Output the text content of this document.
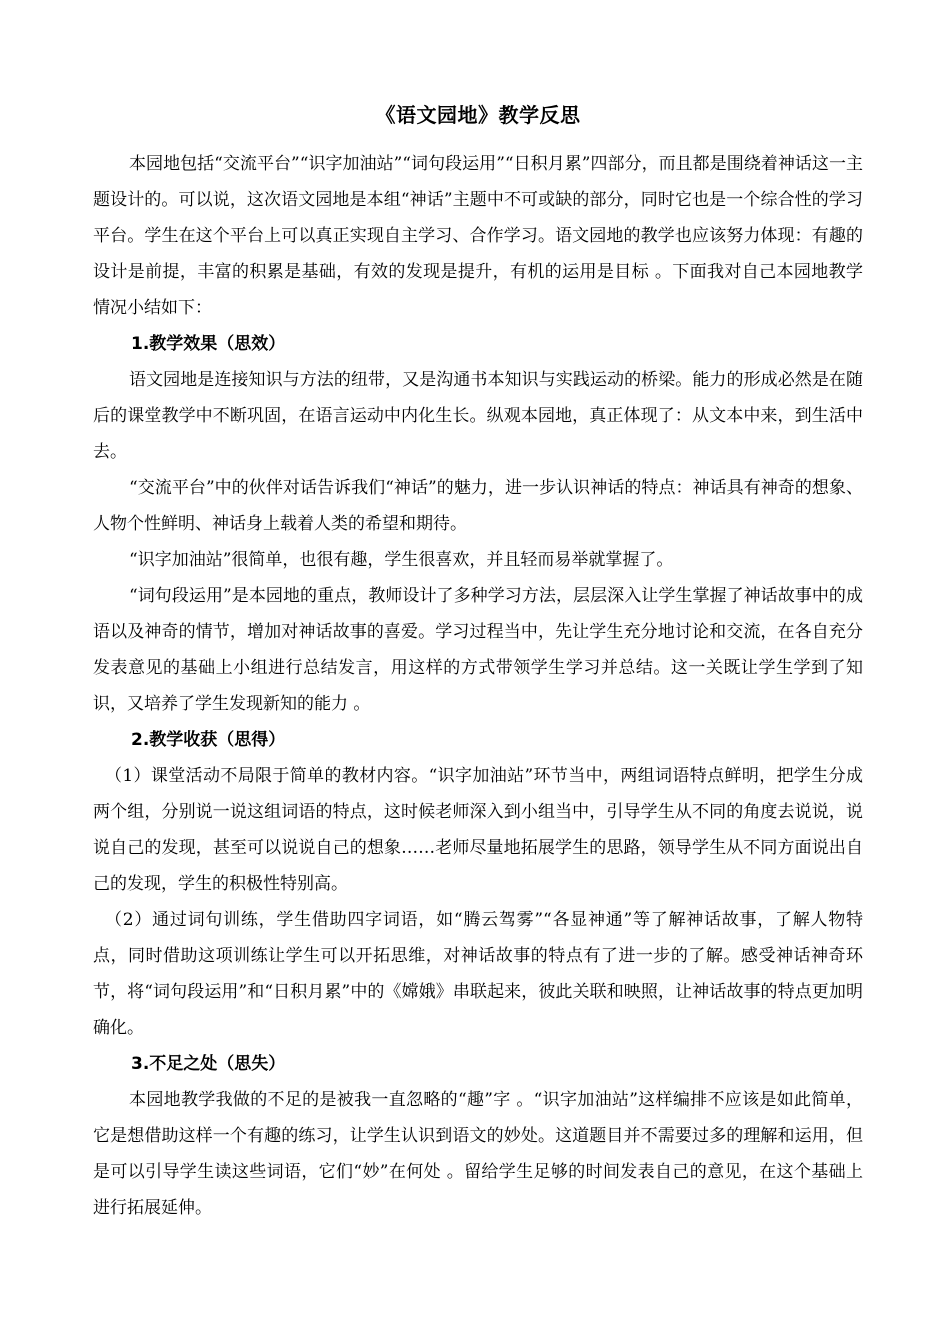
《语文园地》教学反思

本园地包括“交流平台”“识字加油站”“词句段运用”“日积月累”四部分，而且都是围绕着神话这一主题设计的。可以说，这次语文园地是本组“神话”主题中不可或缺的部分，同时它也是一个综合性的学习平台。学生在这个平台上可以真正实现自主学习、合作学习。语文园地的教学也应该努力体现：有趣的设计是前提，丰富的积累是基础，有效的发现是提升，有机的运用是目标 。下面我对自己本园地教学情况小结如下：

1.教学效果（思效）

语文园地是连接知识与方法的纽带，又是沟通书本知识与实践运动的桥梁。能力的形成必然是在随后的课堂教学中不断巩固，在语言运动中内化生长。纵观本园地，真正体现了：从文本中来，到生活中去。

“交流平台”中的伙伴对话告诉我们“神话”的魅力，进一步认识神话的特点：神话具有神奇的想象、人物个性鲜明、神话身上载着人类的希望和期待。

“识字加油站”很简单，也很有趣，学生很喜欢，并且轻而易举就掌握了。

“词句段运用”是本园地的重点，教师设计了多种学习方法，层层深入让学生掌握了神话故事中的成语以及神奇的情节，增加对神话故事的喜爱。学习过程当中，先让学生充分地讨论和交流，在各自充分发表意见的基础上小组进行总结发言，用这样的方式带领学生学习并总结。这一关既让学生学到了知识，又培养了学生发现新知的能力 。

2.教学收获（思得）

（1）课堂活动不局限于简单的教材内容。“识字加油站”环节当中，两组词语特点鲜明，把学生分成两个组，分别说一说这组词语的特点，这时候老师深入到小组当中，引导学生从不同的角度去说说，说说自己的发现，甚至可以说说自己的想象……老师尽量地拓展学生的思路，领导学生从不同方面说出自己的发现，学生的积极性特别高。

（2）通过词句训练，学生借助四字词语，如“腾云驾雾”“各显神通”等了解神话故事，了解人物特点，同时借助这项训练让学生可以开拓思维，对神话故事的特点有了进一步的了解。感受神话神奇环节，将“词句段运用”和“日积月累”中的《嫦娥》串联起来，彼此关联和映照，让神话故事的特点更加明确化。

3.不足之处（思失）

本园地教学我做的不足的是被我一直忽略的“趣”字 。“识字加油站”这样编排不应该是如此简单，它是想借助这样一个有趣的练习，让学生认识到语文的妙处。这道题目并不需要过多的理解和运用，但是可以引导学生读这些词语，它们“妙”在何处 。留给学生足够的时间发表自己的意见，在这个基础上进行拓展延伸。
